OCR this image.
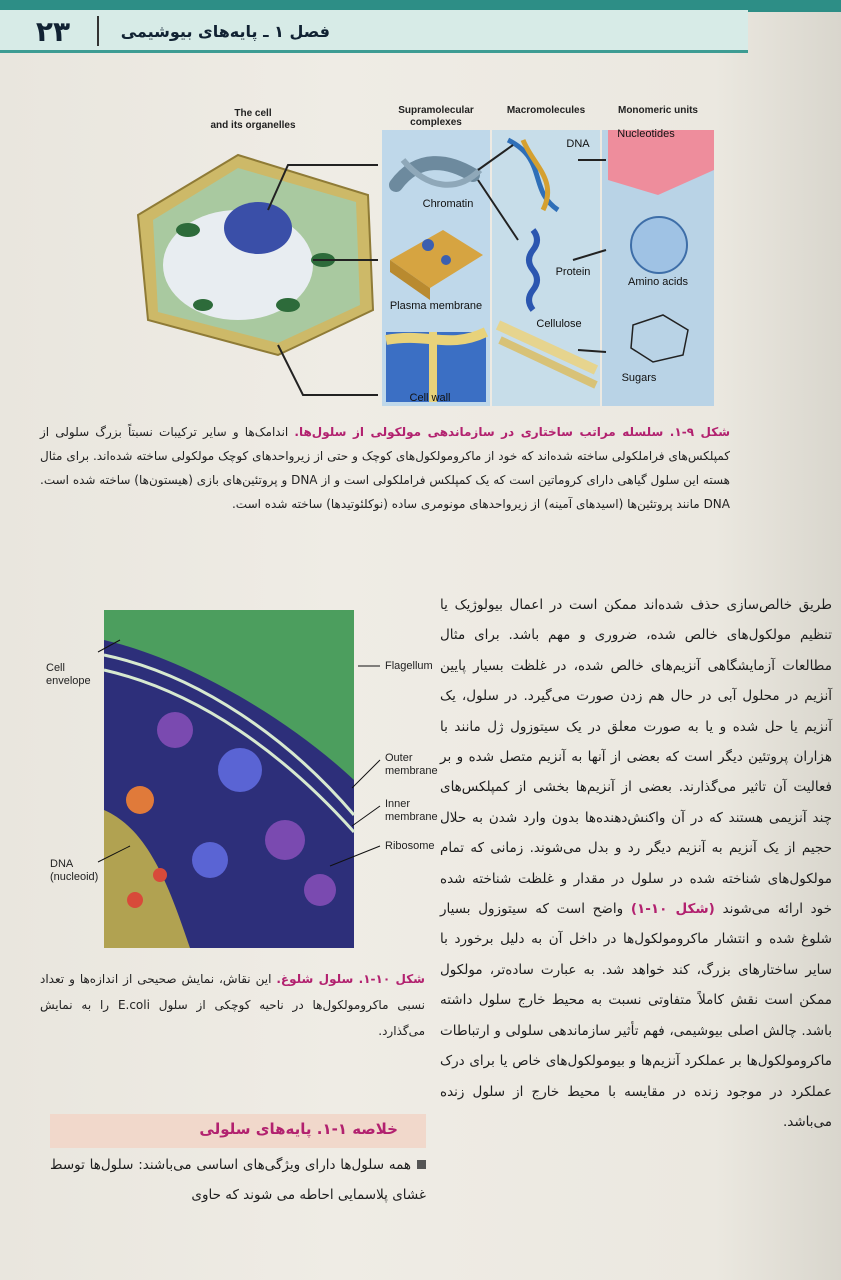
۲۳	فصل ۱ ـ پایه‌های بیوشیمی
The cell
and its organelles
Supramolecular
complexes
Macromolecules	Monomeric units
Chromatin
Plasma membrane
Cell wall
DNA
Protein
Cellulose
Nucleotides
Amino acids
Sugars
شکل ۹-۱. سلسله مراتب ساختاری در سازماندهی مولکولی از سلول‌ها. اندامک‌ها و سایر ترکیبات نسبتاً بزرگ سلولی از کمپلکس‌های فراملکولی ساخته شده‌اند که خود از ماکرومولکول‌های کوچک و حتی از زیرواحدهای کوچک مولکولی ساخته شده‌اند. برای مثال هسته این سلول گیاهی دارای کروماتین است که یک کمپلکس فراملکولی است و از DNA و پروتئین‌های بازی (هیستون‌ها) ساخته شده است. DNA مانند پروتئین‌ها (اسیدهای آمینه) از زیرواحدهای مونومری ساده (نوکلئوتیدها) ساخته شده است.
Cell
envelope
Flagellum
Outer
membrane
Inner
membrane
Ribosome
DNA
(nucleoid)
شکل ۱۰-۱. سلول شلوغ. این نقاش، نمایش صحیحی از اندازه‌ها و تعداد نسبی ماکرومولکول‌ها در ناحیه کوچکی از سلول E.coli را به نمایش می‌گذارد.
طریق خالص‌سازی حذف شده‌اند ممکن است در اعمال بیولوژیک یا تنظیم مولکول‌های خالص شده، ضروری و مهم باشد. برای مثال مطالعات آزمایشگاهی آنزیم‌های خالص شده، در غلظت بسیار پایین آنزیم در محلول آبی در حال هم زدن صورت می‌گیرد. در سلول، یک آنزیم یا حل شده و یا به صورت معلق در یک سیتوزول ژل مانند با هزاران پروتئین دیگر است که بعضی از آنها به آنزیم متصل شده و بر فعالیت آن تاثیر می‌گذارند. بعضی از آنزیم‌ها بخشی از کمپلکس‌های چند آنزیمی هستند که در آن واکنش‌دهنده‌ها بدون وارد شدن به حلال حجیم از یک آنزیم به آنزیم دیگر رد و بدل می‌شوند. زمانی که تمام مولکول‌های شناخته شده در سلول در مقدار و غلظت شناخته شده خود ارائه می‌شوند (شکل ۱۰-۱) واضح است که سیتوزول بسیار شلوغ شده و انتشار ماکرومولکول‌ها در داخل آن به دلیل برخورد با سایر ساختارهای بزرگ، کند خواهد شد. به عبارت ساده‌تر، مولکول ممکن است نقش کاملاً متفاوتی نسبت به محیط خارج سلول داشته باشد. چالش اصلی بیوشیمی، فهم تأثیر سازماندهی سلولی و ارتباطات ماکرومولکول‌ها بر عملکرد آنزیم‌ها و بیومولکول‌های خاص یا برای درک عملکرد در موجود زنده در مقایسه با محیط خارج از سلول زنده می‌باشد.
خلاصه ۱-۱. پایه‌های سلولی
همه سلول‌ها دارای ویژگی‌های اساسی می‌باشند: سلول‌ها توسط غشای پلاسمایی احاطه می شوند که حاوی
